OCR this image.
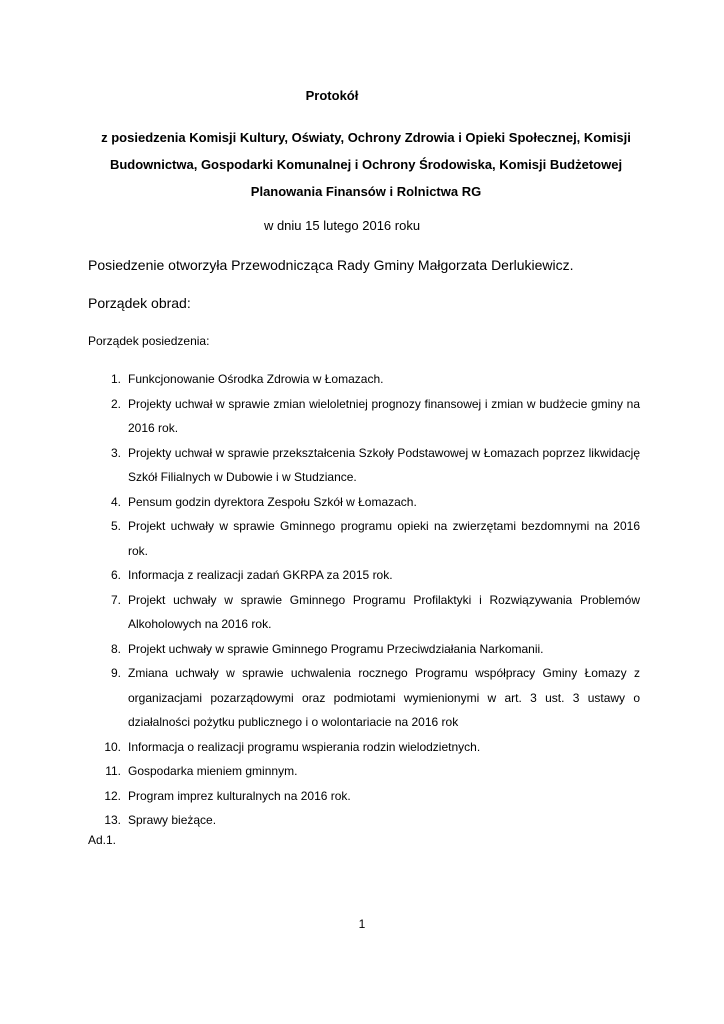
Protokół
z posiedzenia Komisji Kultury, Oświaty, Ochrony Zdrowia i Opieki Społecznej, Komisji Budownictwa, Gospodarki Komunalnej i Ochrony Środowiska, Komisji Budżetowej Planowania Finansów i Rolnictwa RG
w dniu 15 lutego 2016 roku
Posiedzenie otworzyła Przewodnicząca Rady Gminy Małgorzata Derlukiewicz.
Porządek obrad:
Porządek posiedzenia:
1. Funkcjonowanie Ośrodka Zdrowia w Łomazach.
2. Projekty uchwał w sprawie zmian wieloletniej prognozy finansowej i zmian w budżecie gminy na 2016 rok.
3. Projekty uchwał w sprawie przekształcenia Szkoły Podstawowej w Łomazach poprzez likwidację Szkół Filialnych w Dubowie i w Studziance.
4. Pensum godzin dyrektora Zespołu Szkół w Łomazach.
5. Projekt uchwały w sprawie Gminnego programu opieki na zwierzętami bezdomnymi na 2016 rok.
6. Informacja z realizacji zadań GKRPA za 2015 rok.
7. Projekt uchwały w sprawie Gminnego Programu Profilaktyki i Rozwiązywania Problemów Alkoholowych na 2016 rok.
8. Projekt uchwały w sprawie Gminnego Programu Przeciwdziałania Narkomanii.
9. Zmiana uchwały w sprawie uchwalenia rocznego Programu współpracy Gminy Łomazy z organizacjami pozarządowymi oraz podmiotami wymienionymi w art. 3 ust. 3 ustawy o działalności pożytku publicznego i o wolontariacie na 2016 rok
10. Informacja o realizacji programu wspierania rodzin wielodzietnych.
11. Gospodarka mieniem gminnym.
12. Program imprez kulturalnych na 2016 rok.
13. Sprawy bieżące.
Ad.1.
1
